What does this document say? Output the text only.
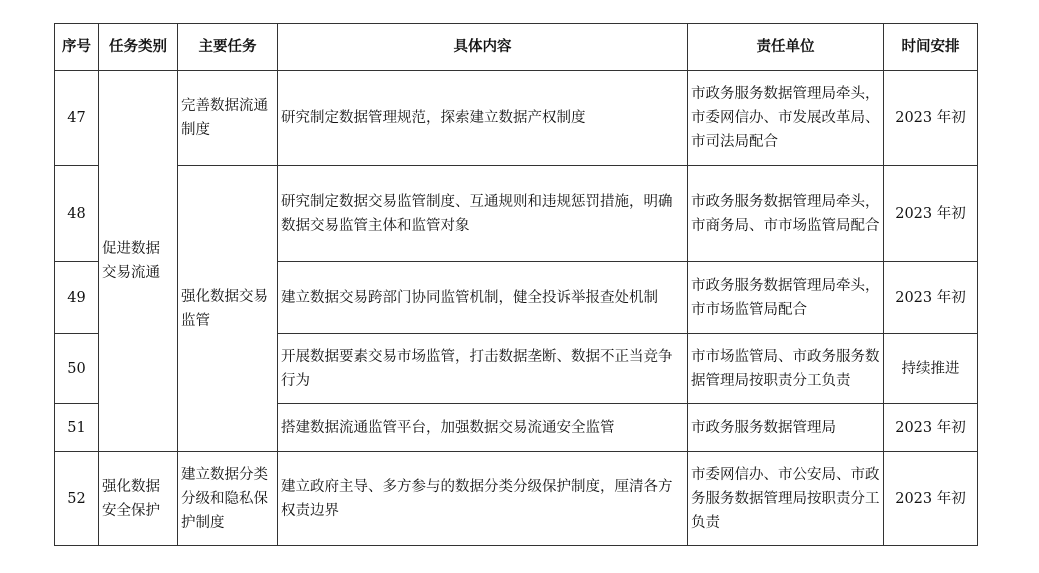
序号	任务类别	主要任务	具体内容	责任单位	时间安排
47	促进数据交易流通	完善数据流通制度	研究制定数据管理规范，探索建立数据产权制度	市政务服务数据管理局牵头，市委网信办、市发展改革局、市司法局配合	2023 年初
48		强化数据交易监管	研究制定数据交易监管制度、互通规则和违规惩罚措施，明确数据交易监管主体和监管对象	市政务服务数据管理局牵头，市商务局、市市场监管局配合	2023 年初
49			建立数据交易跨部门协同监管机制，健全投诉举报查处机制	市政务服务数据管理局牵头，市市场监管局配合	2023 年初
50			开展数据要素交易市场监管，打击数据垄断、数据不正当竞争行为	市市场监管局、市政务服务数据管理局按职责分工负责	持续推进
51			搭建数据流通监管平台，加强数据交易流通安全监管	市政务服务数据管理局	2023 年初
52	强化数据安全保护	建立数据分类分级和隐私保护制度	建立政府主导、多方参与的数据分类分级保护制度，厘清各方权责边界	市委网信办、市公安局、市政务服务数据管理局按职责分工负责	2023 年初
